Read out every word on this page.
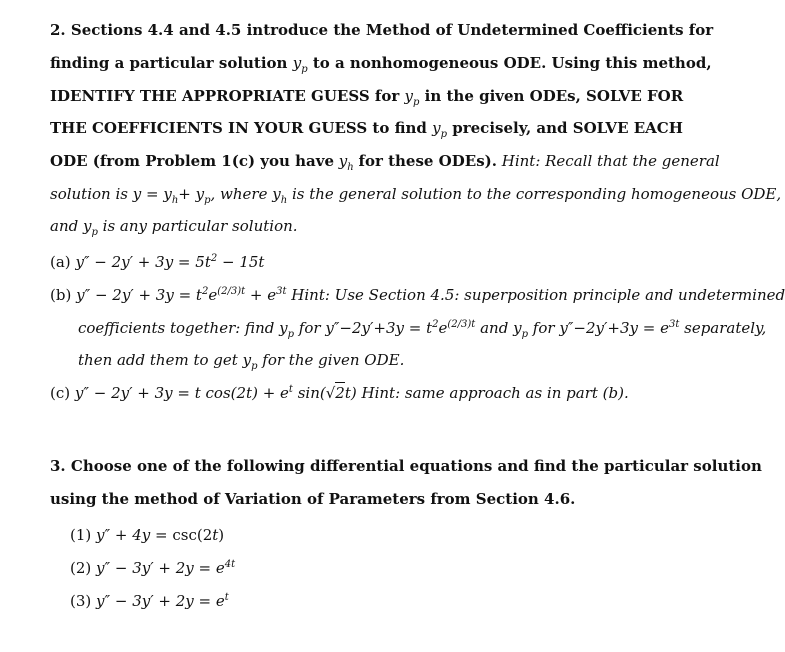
2. Sections 4.4 and 4.5 introduce the Method of Undetermined Coefficients for
finding a particular solution $y_p$ to a nonhomogeneous ODE. Using this method,
IDENTIFY THE APPROPRIATE GUESS for $y_p$ in the given ODEs, SOLVE FOR
THE COEFFICIENTS IN YOUR GUESS to find $y_p$ precisely, and SOLVE EACH
ODE (from Problem 1(c) you have $y_h$ for these ODEs). Hint: Recall that the general
solution is $y = y_h+ y_p$, where $y_h$ is the general solution to the corresponding homogeneous ODE,
and $y_p$ is any particular solution.
(a) $y'' - 2y' + 3y = 5t^2 - 15t$
(b) $y'' - 2y' + 3y = t^2e^{(2/3)t} + e^{3t}$ Hint: Use Section 4.5: superposition principle and undetermined
coefficients together: find $y_p$ for $y''-2y'+3y = t^2e^{(2/3)t}$ and $y_p$ for $y''-2y'+3y = e^{3t}$ separately,
then add them to get $y_p$ for the given ODE.
(c) y″ − 2y′ + 3y = t $\cos(2t) + e^t$ sin(√2t) Hint: same approach as in part (b).
3. Choose one of the following differential equations and find the particular solution
using the method of Variation of Parameters from Section 4.6.
(1) y″ + 4y = csc(2t)
(2) $y'' - 3y' + 2y = e^{4t}$
(3) $y'' - 3y' + 2y = e^t$
